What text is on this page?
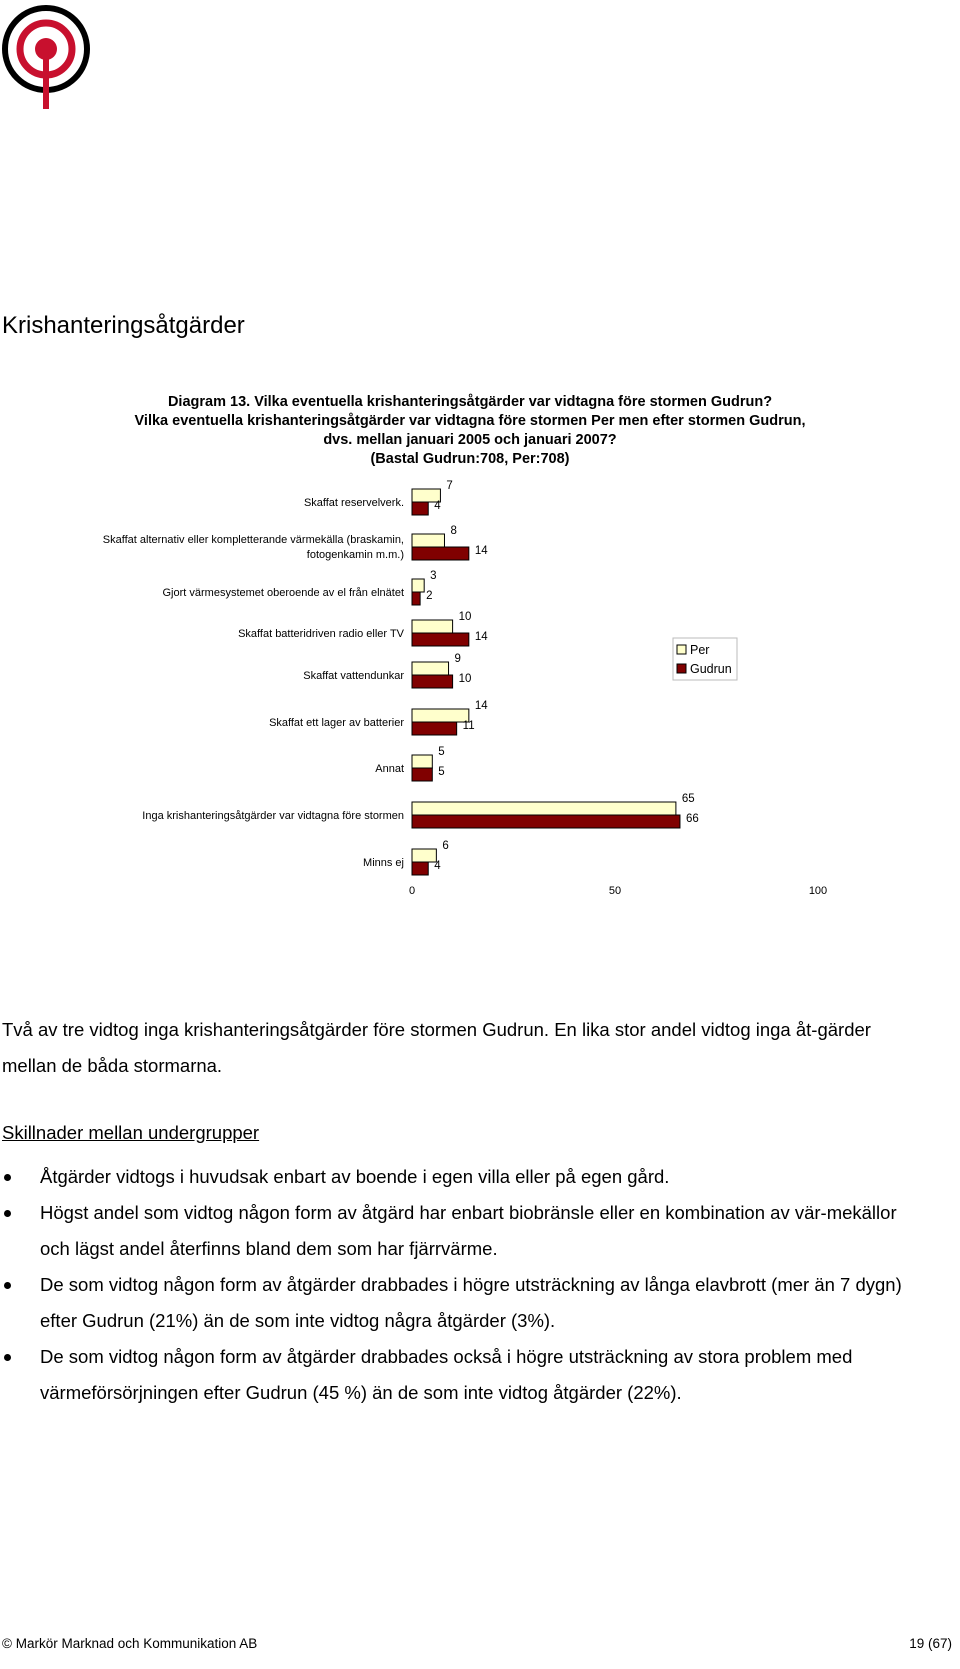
Krishanteringsåtgärder
Diagram 13. Vilka eventuella krishanteringsåtgärder var vidtagna före stormen Gudrun?
Vilka eventuella krishanteringsåtgärder var vidtagna före stormen Per men efter stormen Gudrun,
dvs. mellan januari 2005 och januari 2007?
(Bastal Gudrun:708, Per:708)
Skaffat reservelverk.
Skaffat alternativ eller kompletterande värmekälla (braskamin, fotogenkamin m.m.)
Gjort värmesystemet oberoende av el från elnätet
Skaffat batteridriven radio eller TV
Skaffat vattendunkar
Skaffat ett lager av batterier
Annat
Inga krishanteringsåtgärder var vidtagna före stormen
Minns ej
7
8
3
10
9
14
5
65
6
4
14
2
14
10
11
5
66
4
0	50	100
Per
Gudrun
Två av tre vidtog inga krishanteringsåtgärder före stormen Gudrun. En lika stor andel vidtog inga åt-gärder mellan de båda stormarna.
Skillnader mellan undergrupper
Åtgärder vidtogs i huvudsak enbart av boende i egen villa eller på egen gård.
Högst andel som vidtog någon form av åtgärd har enbart biobränsle eller en kombination av vär-mekällor och lägst andel återfinns bland dem som har fjärrvärme.
De som vidtog någon form av åtgärder drabbades i högre utsträckning av långa elavbrott (mer än 7 dygn) efter Gudrun (21%) än de som inte vidtog några åtgärder (3%).
De som vidtog någon form av åtgärder drabbades också i högre utsträckning av stora problem med värmeförsörjningen efter Gudrun (45 %) än de som inte vidtog åtgärder (22%).
© Markör Marknad och Kommunikation AB	19 (67)
